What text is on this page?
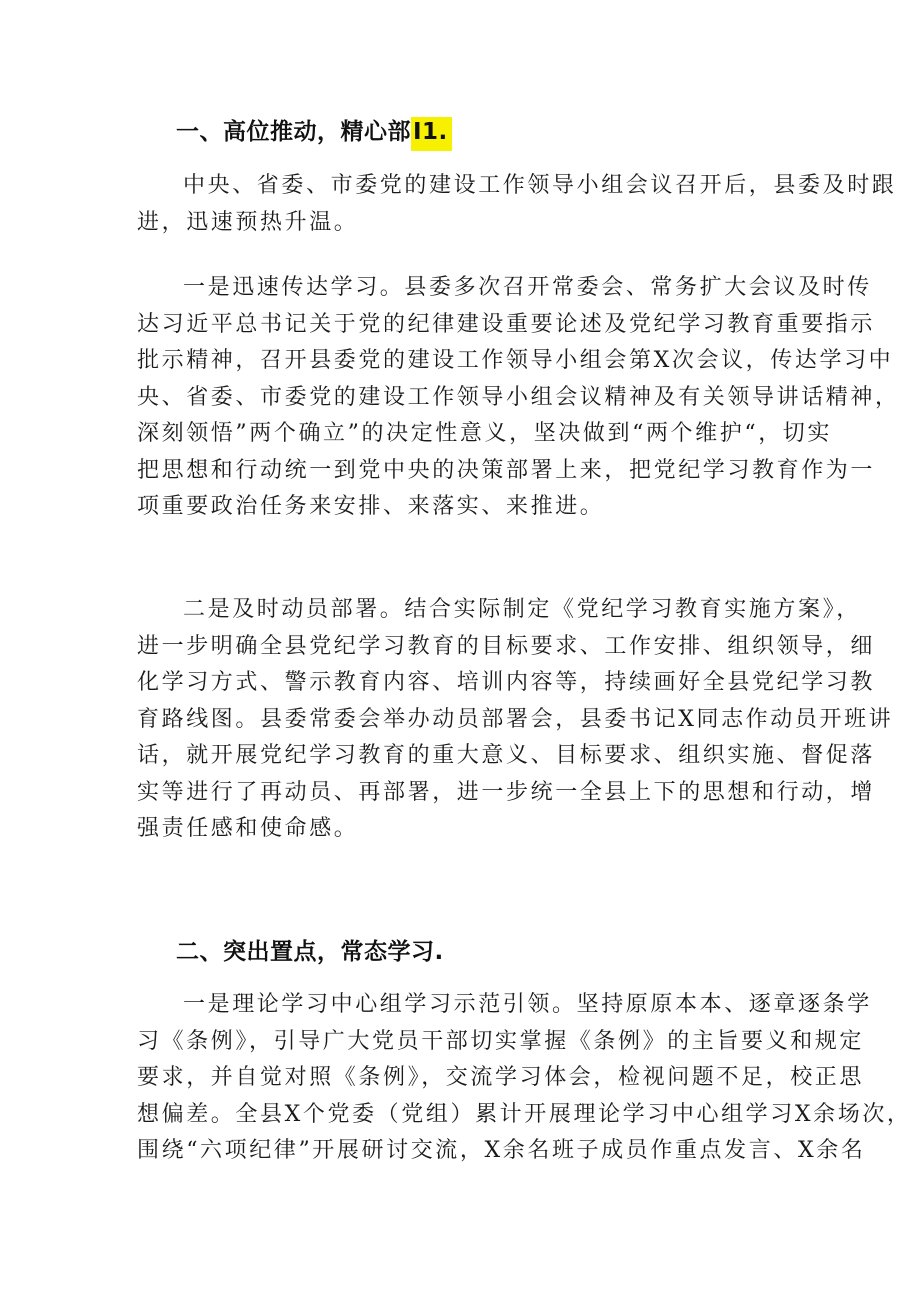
一、高位推动，精心部I1.
中央、省委、市委党的建设工作领导小组会议召开后，县委及时跟
进，迅速预热升温。
一是迅速传达学习。县委多次召开常委会、常务扩大会议及时传
达习近平总书记关于党的纪律建设重要论述及党纪学习教育重要指示
批示精神，召开县委党的建设工作领导小组会第X次会议，传达学习中
央、省委、市委党的建设工作领导小组会议精神及有关领导讲话精神，
深刻领悟”两个确立”的决定性意义，坚决做到“两个维护“，切实
把思想和行动统一到党中央的决策部署上来，把党纪学习教育作为一
项重要政治任务来安排、来落实、来推进。
二是及时动员部署。结合实际制定《党纪学习教育实施方案》，
进一步明确全县党纪学习教育的目标要求、工作安排、组织领导，细
化学习方式、警示教育内容、培训内容等，持续画好全县党纪学习教
育路线图。县委常委会举办动员部署会，县委书记X同志作动员开班讲
话，就开展党纪学习教育的重大意义、目标要求、组织实施、督促落
实等进行了再动员、再部署，进一步统一全县上下的思想和行动，增
强责任感和使命感。
二、突出置点，常态学习.
一是理论学习中心组学习示范引领。坚持原原本本、逐章逐条学
习《条例》，引导广大党员干部切实掌握《条例》的主旨要义和规定
要求，并自觉对照《条例》，交流学习体会，检视问题不足，校正思
想偏差。全县X个党委（党组）累计开展理论学习中心组学习X余场次，
围绕“六项纪律”开展研讨交流，X余名班子成员作重点发言、X余名
